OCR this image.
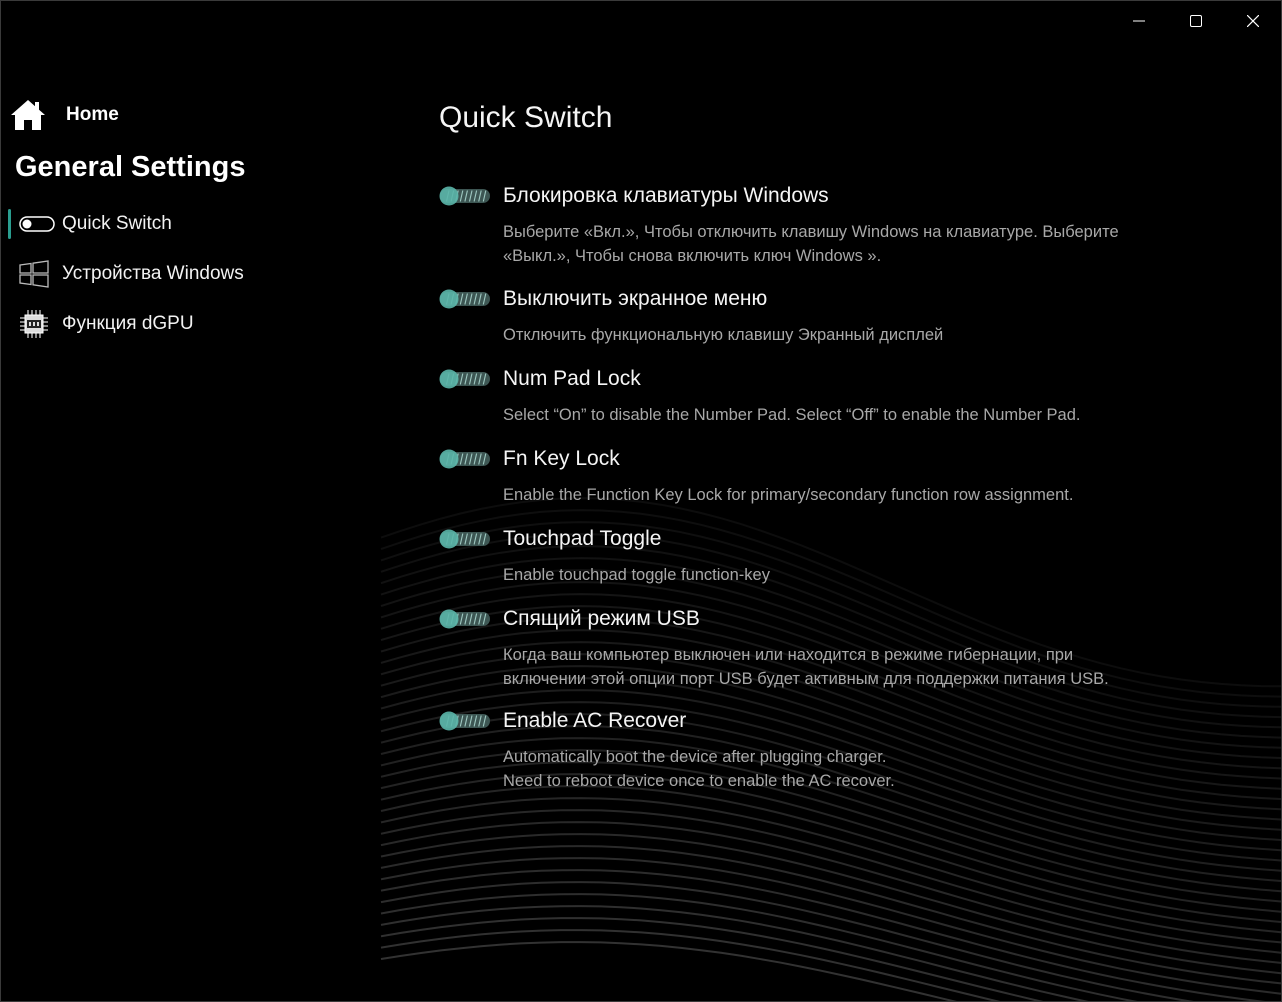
Home
General Settings
Quick Switch
Устройства Windows
Функция dGPU
Quick Switch
Блокировка клавиатуры Windows
Выберите «Вкл.», Чтобы отключить клавишу Windows на клавиатуре. Выберите
«Выкл.», Чтобы снова включить ключ Windows ».
Выключить экранное меню
Отключить функциональную клавишу Экранный дисплей
Num Pad Lock
Select “On” to disable the Number Pad. Select “Off” to enable the Number Pad.
Fn Key Lock
Enable the Function Key Lock for primary/secondary function row assignment.
Touchpad Toggle
Enable touchpad toggle function-key
Спящий режим USB
Когда ваш компьютер выключен или находится в режиме гибернации, при
включении этой опции порт USB будет активным для поддержки питания USB.
Enable AC Recover
Automatically boot the device after plugging charger.
Need to reboot device once to enable the AC recover.
